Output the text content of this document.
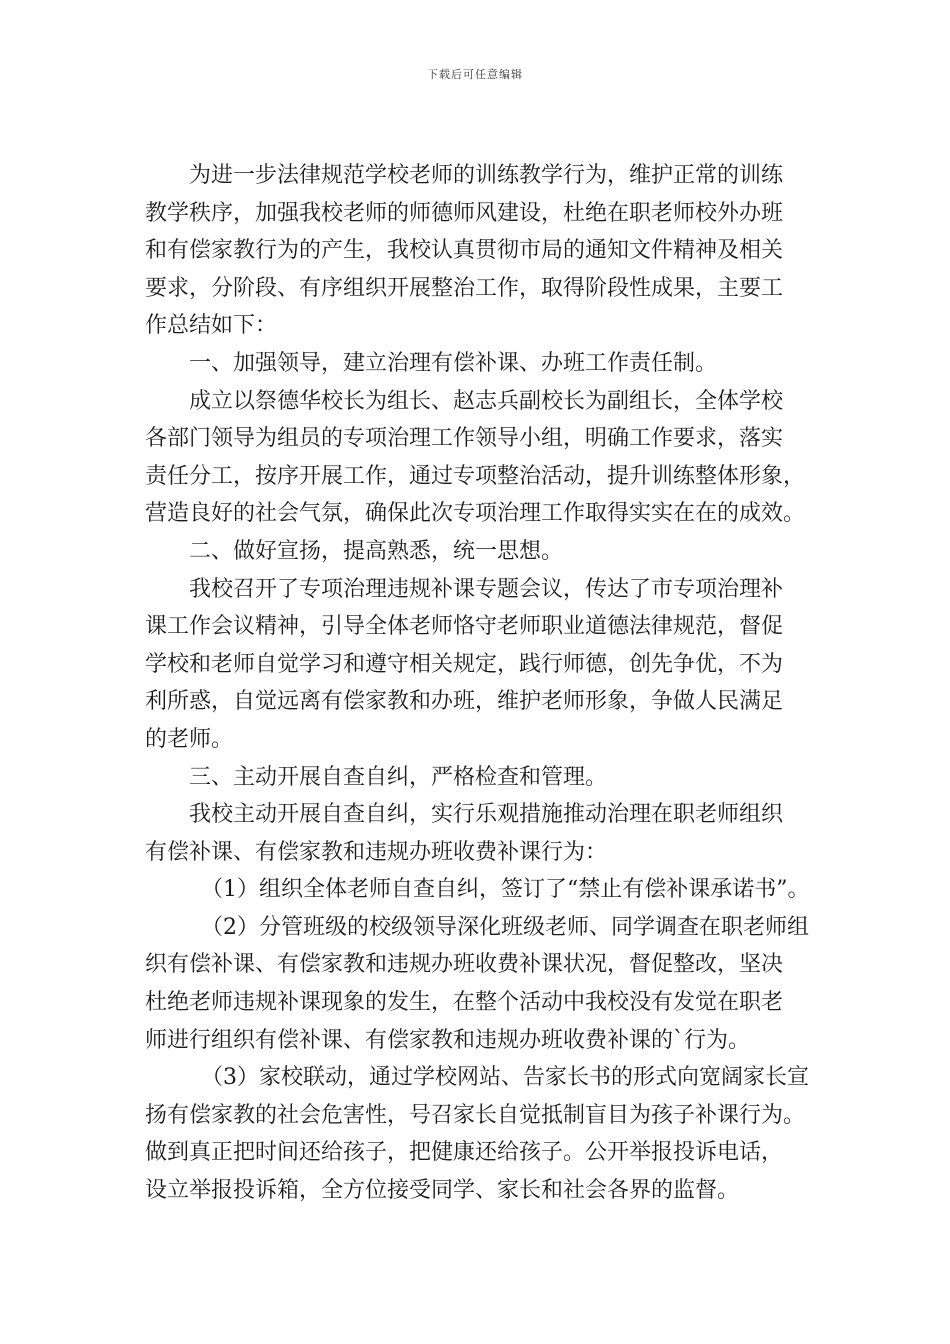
下载后可任意编辑
为进一步法律规范学校老师的训练教学行为，维护正常的训练
教学秩序，加强我校老师的师德师风建设，杜绝在职老师校外办班
和有偿家教行为的产生，我校认真贯彻市局的通知文件精神及相关
要求，分阶段、有序组织开展整治工作，取得阶段性成果，主要工
作总结如下：
一、加强领导，建立治理有偿补课、办班工作责任制。
成立以祭德华校长为组长、赵志兵副校长为副组长，全体学校
各部门领导为组员的专项治理工作领导小组，明确工作要求，落实
责任分工，按序开展工作，通过专项整治活动，提升训练整体形象，
营造良好的社会气氛，确保此次专项治理工作取得实实在在的成效。
二、做好宣扬，提高熟悉，统一思想。
我校召开了专项治理违规补课专题会议，传达了市专项治理补
课工作会议精神，引导全体老师恪守老师职业道德法律规范，督促
学校和老师自觉学习和遵守相关规定，践行师德，创先争优，不为
利所惑，自觉远离有偿家教和办班，维护老师形象，争做人民满足
的老师。
三、主动开展自查自纠，严格检查和管理。
我校主动开展自查自纠，实行乐观措施推动治理在职老师组织
有偿补课、有偿家教和违规办班收费补课行为：
（1）组织全体老师自查自纠，签订了“禁止有偿补课承诺书”。
（2）分管班级的校级领导深化班级老师、同学调查在职老师组
织有偿补课、有偿家教和违规办班收费补课状况，督促整改，坚决
杜绝老师违规补课现象的发生，在整个活动中我校没有发觉在职老
师进行组织有偿补课、有偿家教和违规办班收费补课的`行为。
（3）家校联动，通过学校网站、告家长书的形式向宽阔家长宣
扬有偿家教的社会危害性，号召家长自觉抵制盲目为孩子补课行为。
做到真正把时间还给孩子，把健康还给孩子。公开举报投诉电话，
设立举报投诉箱，全方位接受同学、家长和社会各界的监督。
